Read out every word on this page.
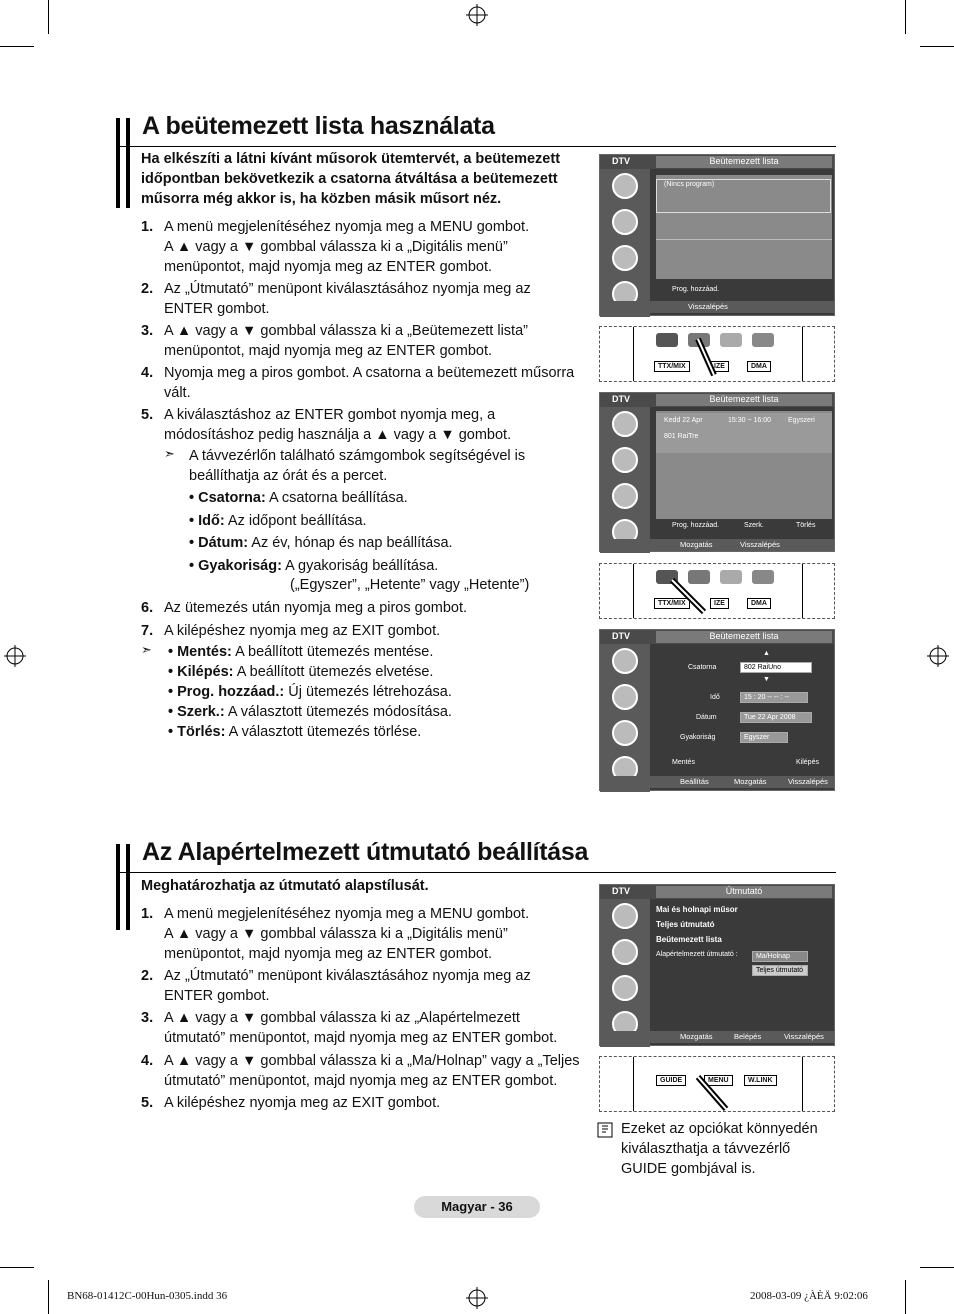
A beütemezett lista használata
Ha elkészíti a látni kívánt műsorok ütemtervét, a beütemezett
időpontban bekövetkezik a csatorna átváltása a beütemezett
műsorra még akkor is, ha közben másik műsort néz.
1. A menü megjelenítéséhez nyomja meg a MENU gombot.
A ▲ vagy a ▼ gombbal válassza ki a „Digitális menü”
menüpontot, majd nyomja meg az ENTER gombot.
2. Az „Útmutató” menüpont kiválasztásához nyomja meg az
ENTER gombot.
3. A ▲ vagy a ▼ gombbal válassza ki a „Beütemezett lista”
menüpontot, majd nyomja meg az ENTER gombot.
4. Nyomja meg a piros gombot. A csatorna a beütemezett műsorra
vált.
5. A kiválasztáshoz az ENTER gombot nyomja meg, a
módosításhoz pedig használja a ▲ vagy a ▼ gombot.
➣ A távvezérlőn található számgombok segítségével is
beállíthatja az órát és a percet.
• Csatorna: A csatorna beállítása.
• Idő: Az időpont beállítása.
• Dátum: Az év, hónap és nap beállítása.
• Gyakoriság: A gyakoriság beállítása.
(„Egyszer”, „Hetente” vagy „Hetente”)
6. Az ütemezés után nyomja meg a piros gombot.
7. A kilépéshez nyomja meg az EXIT gombot.
➣ • Mentés: A beállított ütemezés mentése.
• Kilépés: A beállított ütemezés elvetése.
• Prog. hozzáad.: Új ütemezés létrehozása.
• Szerk.: A választott ütemezés módosítása.
• Törlés: A választott ütemezés törlése.
DTV	Beütemezett lista
(Nincs program)
Prog. hozzáad.
Visszalépés
TTX/MIX	IZE	DMA
DTV	Beütemezett lista
Kedd 22 Apr	15:30 ~ 16:00 Egyszeri
801 RaiTre
Prog. hozzáad.	Szerk.	Törlés
Mozgatás	Visszalépés
TTX/MIX	IZE	DMA
DTV	Beütemezett lista
▲
Csatorna	802 RaiUno
▼
Idő	15 : 20 -- -- : --
Dátum	Tue 22 Apr 2008
Gyakoriság	Egyszer
Mentés	Kilépés
Beállítás	Mozgatás	Visszalépés
Az Alapértelmezett útmutató beállítása
Meghatározhatja az útmutató alapstílusát.
1. A menü megjelenítéséhez nyomja meg a MENU gombot.
A ▲ vagy a ▼ gombbal válassza ki a „Digitális menü”
menüpontot, majd nyomja meg az ENTER gombot.
2. Az „Útmutató” menüpont kiválasztásához nyomja meg az
ENTER gombot.
3. A ▲ vagy a ▼ gombbal válassza ki az „Alapértelmezett
útmutató” menüpontot, majd nyomja meg az ENTER gombot.
4. A ▲ vagy a ▼ gombbal válassza ki a „Ma/Holnap” vagy a „Teljes
útmutató” menüpontot, majd nyomja meg az ENTER gombot.
5. A kilépéshez nyomja meg az EXIT gombot.
DTV	Útmutató
Mai és holnapi műsor
Teljes útmutató
Beütemezett lista
Alapértelmezett útmutató :	Ma/Holnap
Teljes útmutató
Mozgatás	Belépés	Visszalépés
GUIDE	MENU	W.LINK
Ezeket az opciókat könnyedén
kiválaszthatja a távvezérlő
GUIDE gombjával is.
Magyar - 36
BN68-01412C-00Hun-0305.indd 36	2008-03-09 ¿ÀÈÄ 9:02:06
